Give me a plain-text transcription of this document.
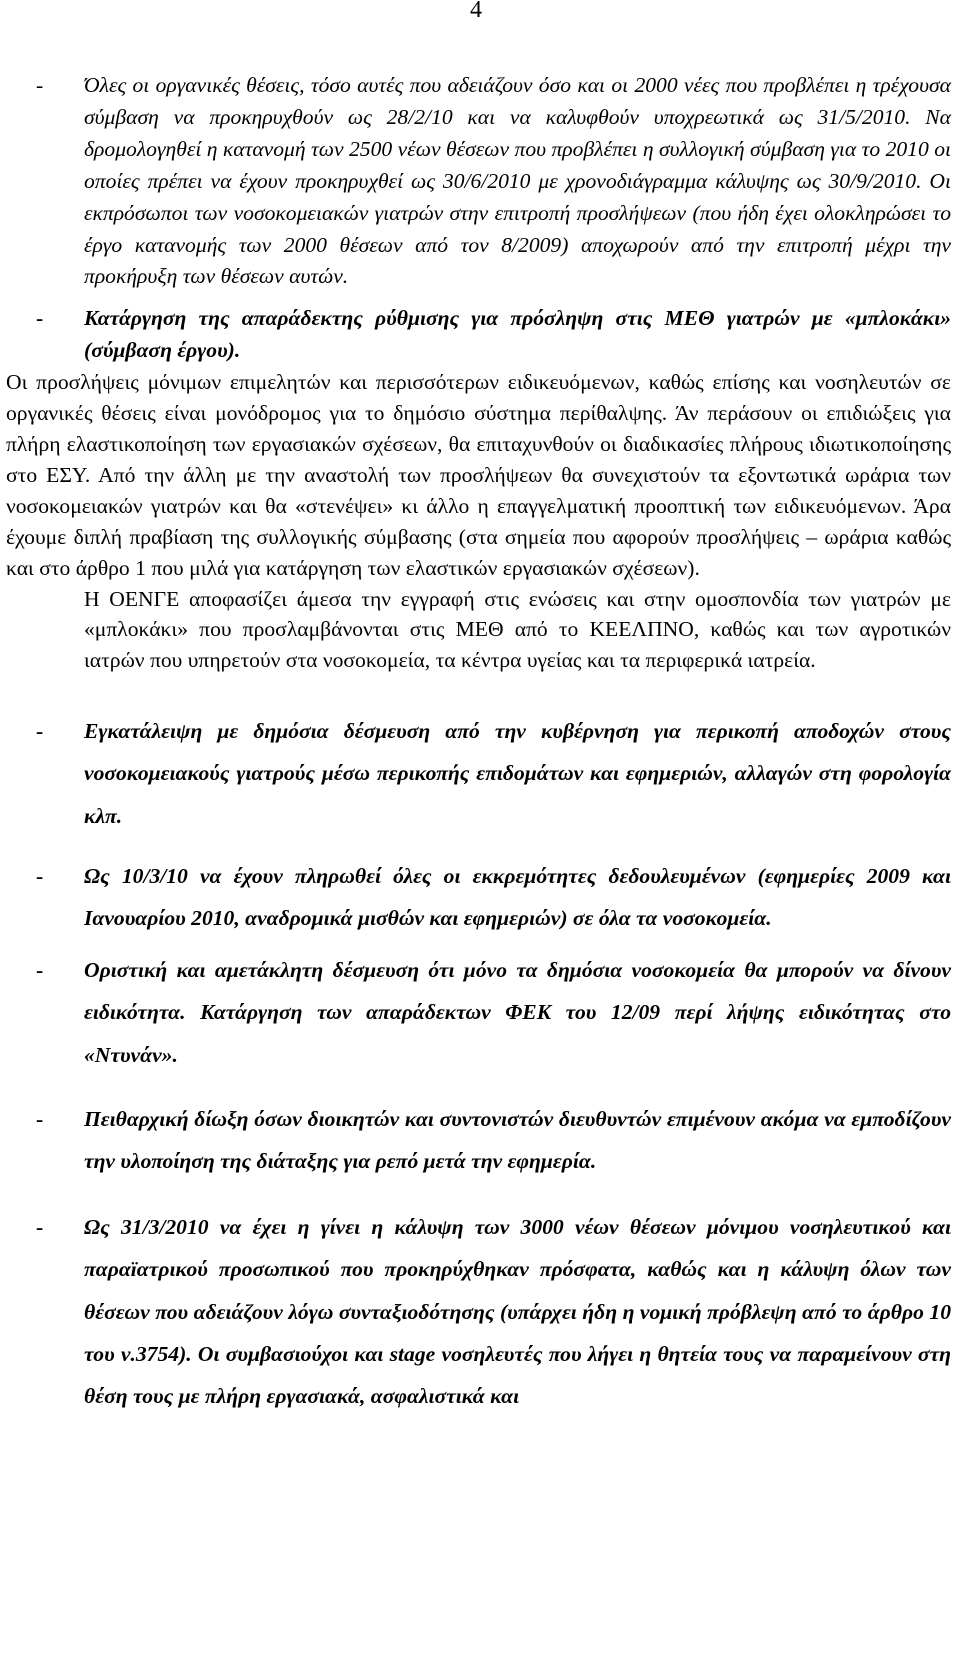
4
- Όλες οι οργανικές θέσεις, τόσο αυτές που αδειάζουν όσο και οι 2000 νέες που προβλέπει η τρέχουσα σύμβαση να προκηρυχθούν ως 28/2/10 και να καλυφθούν υποχρεωτικά ως 31/5/2010. Να δρομολογηθεί η κατανομή των 2500 νέων θέσεων που προβλέπει η συλλογική σύμβαση για το 2010 οι οποίες πρέπει να έχουν προκηρυχθεί ως 30/6/2010 με χρονοδιάγραμμα κάλυψης ως 30/9/2010. Οι εκπρόσωποι των νοσοκομειακών γιατρών στην επιτροπή προσλήψεων (που ήδη έχει ολοκληρώσει το έργο κατανομής των 2000 θέσεων από τον 8/2009) αποχωρούν από την επιτροπή μέχρι την προκήρυξη των θέσεων αυτών.
- Κατάργηση της απαράδεκτης ρύθμισης για πρόσληψη στις ΜΕΘ γιατρών με «μπλοκάκι» (σύμβαση έργου).
Οι προσλήψεις μόνιμων επιμελητών και περισσότερων ειδικευόμενων, καθώς επίσης και νοσηλευτών σε οργανικές θέσεις είναι μονόδρομος για το δημόσιο σύστημα περίθαλψης. Άν περάσουν οι επιδιώξεις για πλήρη ελαστικοποίηση των εργασιακών σχέσεων, θα επιταχυνθούν οι διαδικασίες πλήρους ιδιωτικοποίησης στο ΕΣΥ. Από την άλλη με την αναστολή των προσλήψεων θα συνεχιστούν τα εξοντωτικά ωράρια των νοσοκομειακών γιατρών και θα «στενέψει» κι άλλο η επαγγελματική προοπτική των ειδικευόμενων. Άρα έχουμε διπλή πραβίαση της συλλογικής σύμβασης (στα σημεία που αφορούν προσλήψεις – ωράρια καθώς και στο άρθρο 1 που μιλά για κατάργηση των ελαστικών εργασιακών σχέσεων).
Η ΟΕΝΓΕ αποφασίζει άμεσα την εγγραφή στις ενώσεις και στην ομοσπονδία των γιατρών με «μπλοκάκι» που προσλαμβάνονται στις ΜΕΘ από το ΚΕΕΛΠΝΟ, καθώς και των αγροτικών ιατρών που υπηρετούν στα νοσοκομεία, τα κέντρα υγείας και τα περιφερικά ιατρεία.
- Εγκατάλειψη με δημόσια δέσμευση από την κυβέρνηση για περικοπή αποδοχών στους νοσοκομειακούς γιατρούς μέσω περικοπής επιδομάτων και εφημεριών, αλλαγών στη φορολογία κλπ.
- Ως 10/3/10 να έχουν πληρωθεί όλες οι εκκρεμότητες δεδουλευμένων (εφημερίες 2009 και Ιανουαρίου 2010, αναδρομικά μισθών και εφημεριών) σε όλα τα νοσοκομεία.
- Οριστική και αμετάκλητη δέσμευση ότι μόνο τα δημόσια νοσοκομεία θα μπορούν να δίνουν ειδικότητα. Κατάργηση των απαράδεκτων ΦΕΚ του 12/09 περί λήψης ειδικότητας στο «Ντυνάν».
- Πειθαρχική δίωξη όσων διοικητών και συντονιστών διευθυντών επιμένουν ακόμα να εμποδίζουν την υλοποίηση της διάταξης για ρεπό μετά την εφημερία.
- Ως 31/3/2010 να έχει η γίνει η κάλυψη των 3000 νέων θέσεων μόνιμου νοσηλευτικού και παραϊατρικού προσωπικού που προκηρύχθηκαν πρόσφατα, καθώς και η κάλυψη όλων των θέσεων που αδειάζουν λόγω συνταξιοδότησης (υπάρχει ήδη η νομική πρόβλεψη από το άρθρο 10 του ν.3754). Οι συμβασιούχοι και stage νοσηλευτές που λήγει η θητεία τους να παραμείνουν στη θέση τους με πλήρη εργασιακά, ασφαλιστικά και
